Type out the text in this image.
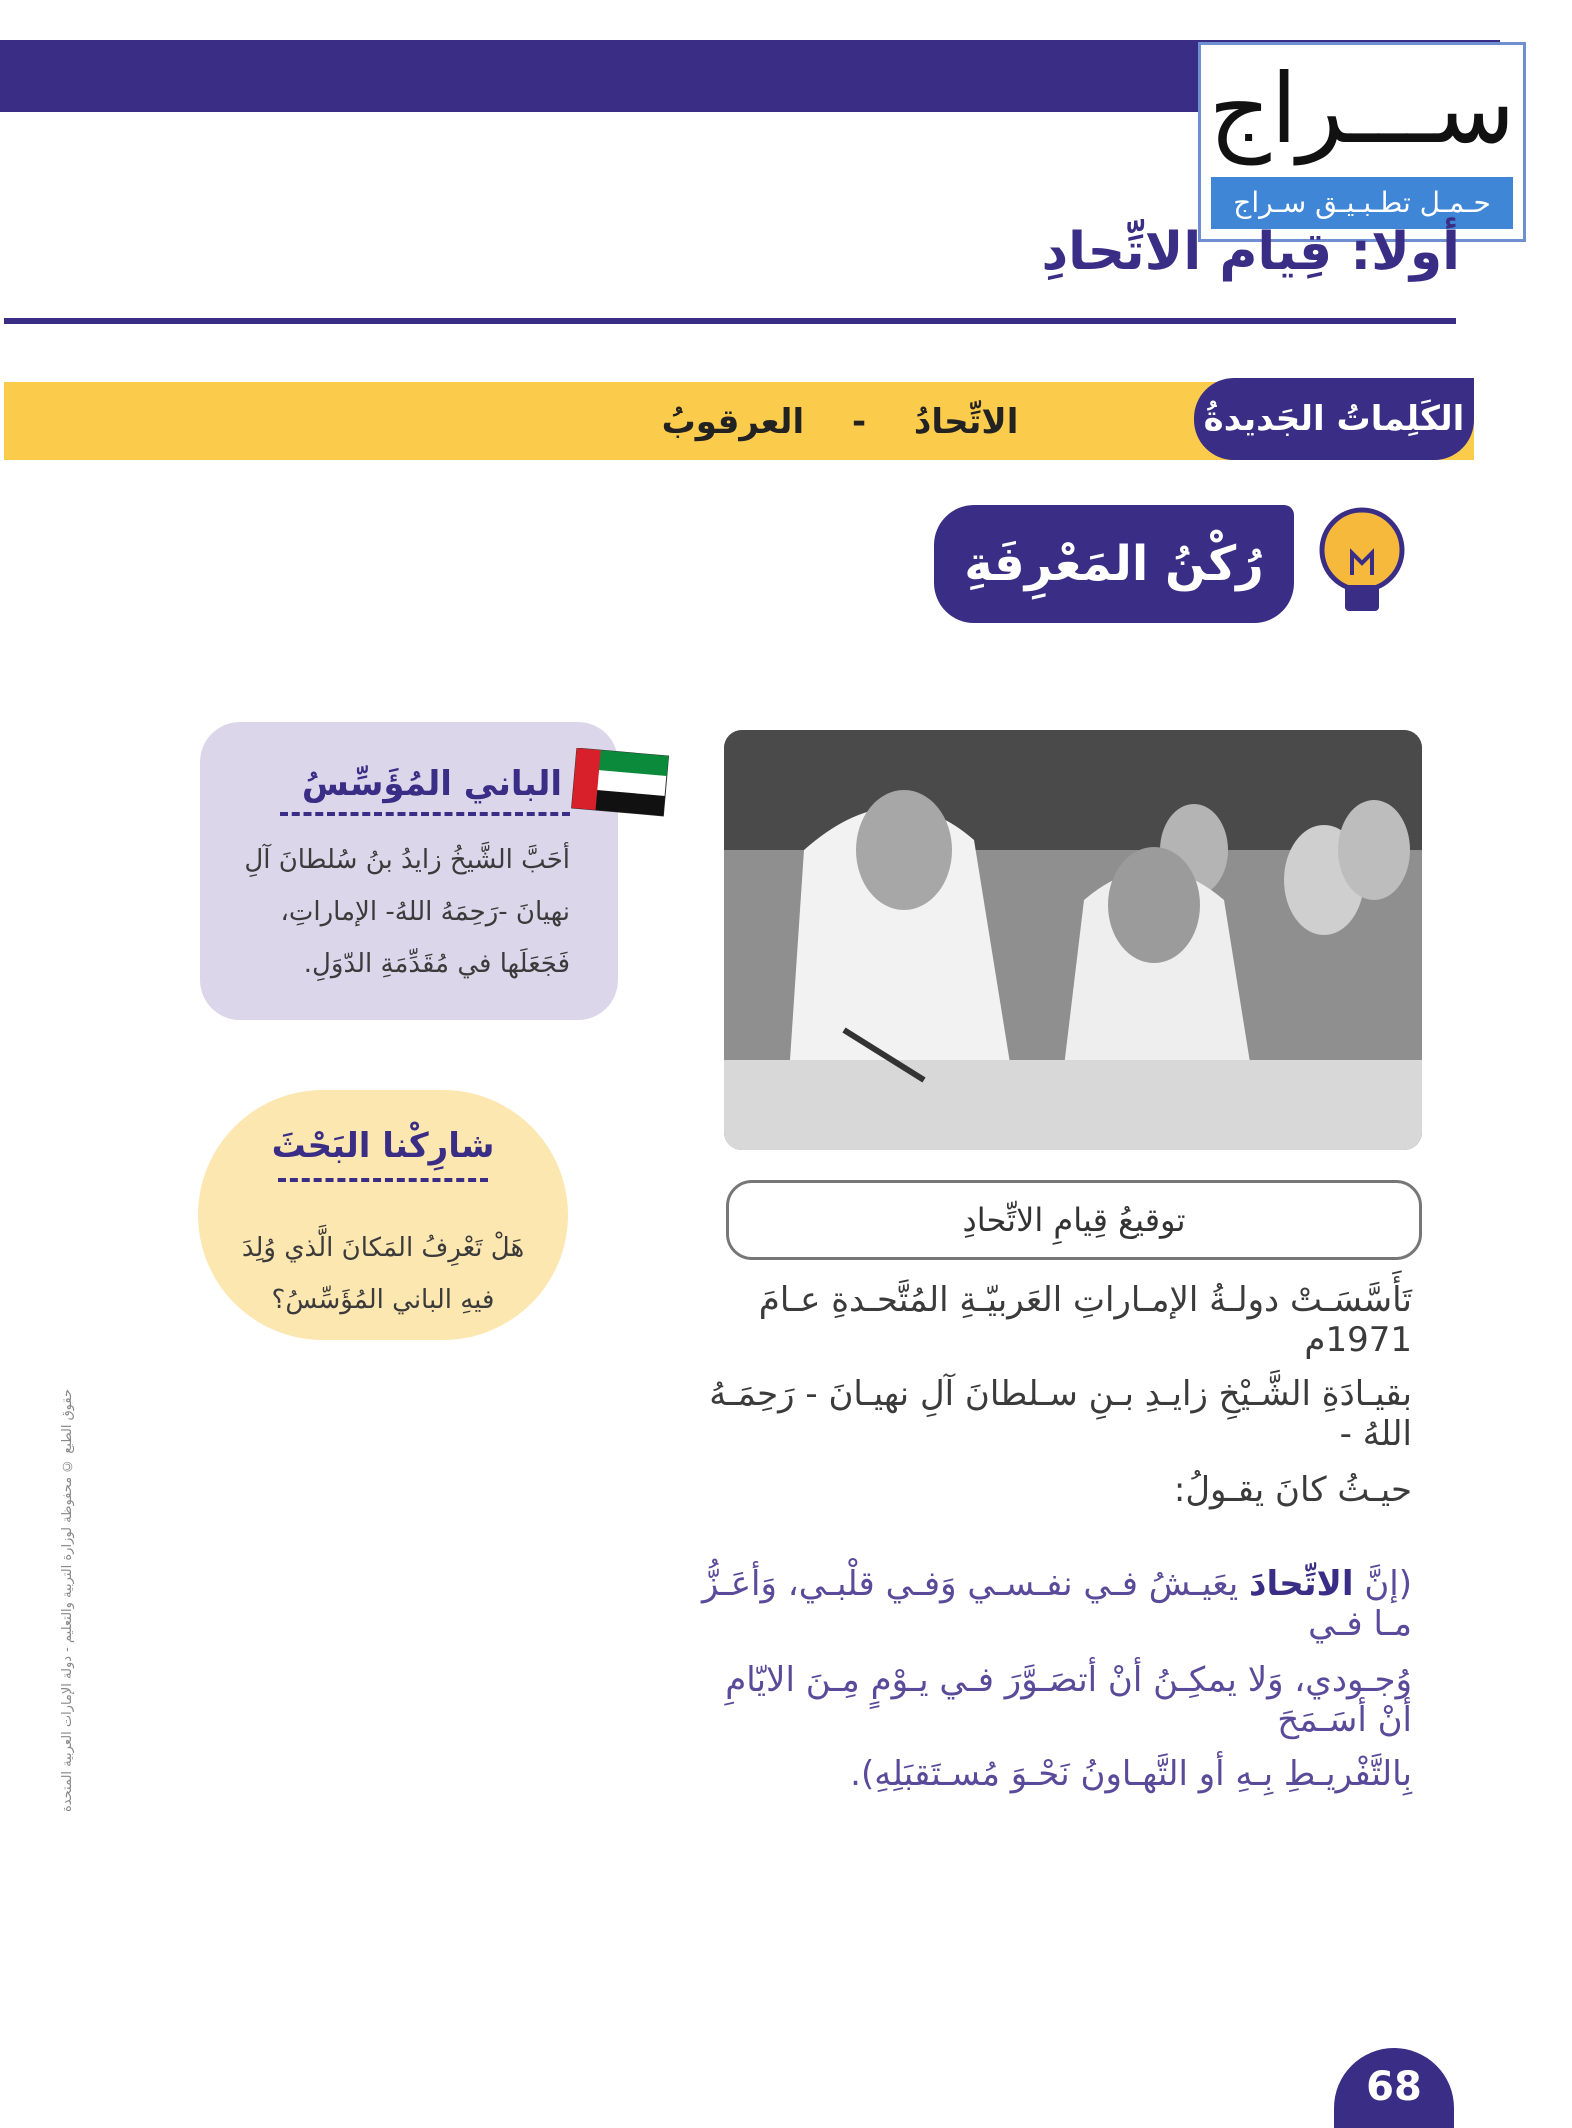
ســـراج
حـمـل تطـبـيـق سـراج
أولا: قِيام الاتِّحادِ
الكَلِماتُ الجَديدةُ
الاتِّحادُ - العرقوبُ
رُكْنُ المَعْرِفَةِ
توقيعُ قِيامِ الاتِّحادِ
تَأَسَّسَـتْ دولـةُ الإمـاراتِ العَربيّـةِ المُتَّحـدةِ عـامَ 1971م
بقيـادَةِ الشَّـيْخِ زايـدِ بـنِ سـلطانَ آلِ نهيـانَ - رَحِمَـهُ اللهُ -
حيـثُ كانَ يقـولُ:
(إنَّ الاتِّحادَ يعَيـشُ فـي نفـسـي وَفـي قلْبـي، وَأعَـزُّ مـا فـي
وُجـودي، وَلا يمكِـنُ أنْ أتصَـوَّرَ فـي يـوْمٍ مِـنَ الايّامِ أنْ أسَـمَحَ
بِالتَّفْريـطِ بِـهِ أو التَّهـاونُ نَحْـوَ مُسـتَقبَلِهِ).
الباني المُؤَسِّسُ
أحَبَّ الشَّيخُ زايدُ بنُ سُلطانَ آلِ نهيانَ -رَحِمَهُ اللهُ- الإماراتِ، فَجَعَلَها في مُقَدِّمَةِ الدّوَلِ.
شارِكْنا البَحْثَ
هَلْ تَعْرِفُ المَكانَ الَّذي وُلِدَ فيهِ الباني المُؤَسِّسُ؟
حقوق الطبع © محفوظة لوزارة التربية والتعليم - دولة الإمارات العربية المتحدة
68
